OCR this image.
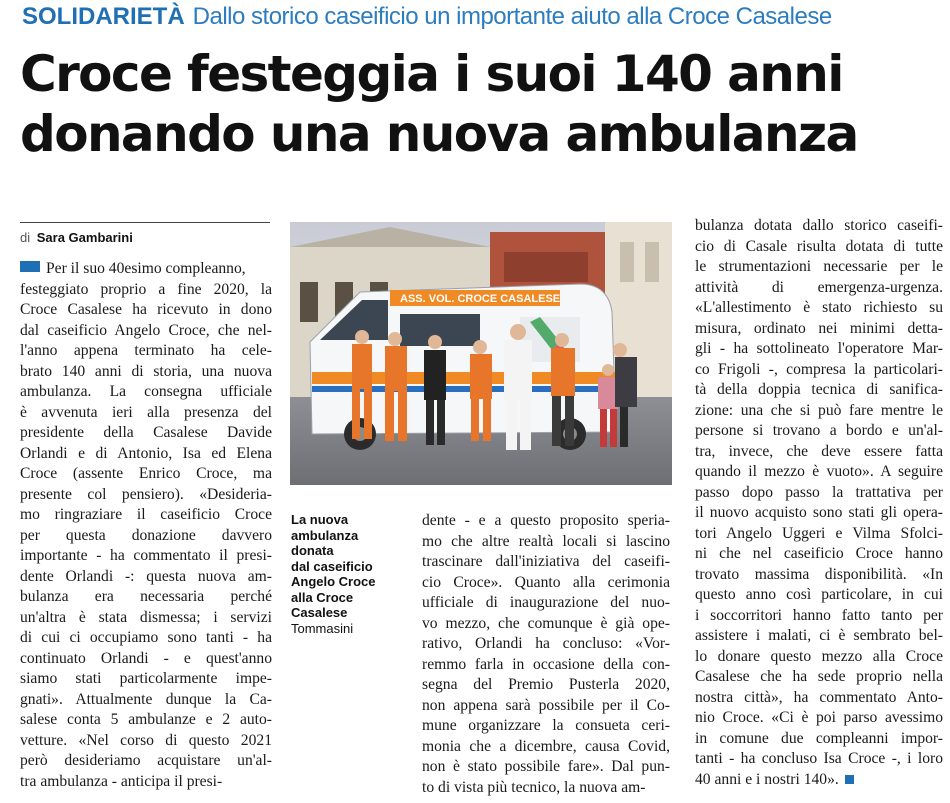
SOLIDARIETÀ Dallo storico caseificio un importante aiuto alla Croce Casalese
Croce festeggia i suoi 140 anni
donando una nuova ambulanza
di Sara Gambarini
Per il suo 40esimo compleanno,
festeggiato proprio a fine 2020, la
Croce Casalese ha ricevuto in dono
dal caseificio Angelo Croce, che nel-
l'anno appena terminato ha cele-
brato 140 anni di storia, una nuova
ambulanza. La consegna ufficiale
è avvenuta ieri alla presenza del
presidente della Casalese Davide
Orlandi e di Antonio, Isa ed Elena
Croce (assente Enrico Croce, ma
presente col pensiero). «Desideria-
mo ringraziare il caseificio Croce
per questa donazione davvero
importante - ha commentato il presi-
dente Orlandi -: questa nuova am-
bulanza era necessaria perché
un'altra è stata dismessa; i servizi
di cui ci occupiamo sono tanti - ha
continuato Orlandi - e quest'anno
siamo stati particolarmente impe-
gnati». Attualmente dunque la Ca-
salese conta 5 ambulanze e 2 auto-
vetture. «Nel corso di questo 2021
però desideriamo acquistare un'al-
tra ambulanza - anticipa il presi-
dente - e a questo proposito speria-
mo che altre realtà locali si lascino
trascinare dall'iniziativa del caseifi-
cio Croce». Quanto alla cerimonia
ufficiale di inaugurazione del nuo-
vo mezzo, che comunque è già ope-
rativo, Orlandi ha concluso: «Vor-
remmo farla in occasione della con-
segna del Premio Pusterla 2020,
non appena sarà possibile per il Co-
mune organizzare la consueta ceri-
monia che a dicembre, causa Covid,
non è stato possibile fare». Dal pun-
to di vista più tecnico, la nuova am-
bulanza dotata dallo storico caseifi-
cio di Casale risulta dotata di tutte
le strumentazioni necessarie per le
attività di emergenza-urgenza.
«L'allestimento è stato richiesto su
misura, ordinato nei minimi detta-
gli - ha sottolineato l'operatore Mar-
co Frigoli -, compresa la particolari-
tà della doppia tecnica di sanifica-
zione: una che si può fare mentre le
persone si trovano a bordo e un'al-
tra, invece, che deve essere fatta
quando il mezzo è vuoto». A seguire
passo dopo passo la trattativa per
il nuovo acquisto sono stati gli opera-
tori Angelo Uggeri e Vilma Sfolci-
ni che nel caseificio Croce hanno
trovato massima disponibilità. «In
questo anno così particolare, in cui
i soccorritori hanno fatto tanto per
assistere i malati, ci è sembrato bel-
lo donare questo mezzo alla Croce
Casalese che ha sede proprio nella
nostra città», ha commentato Anto-
nio Croce. «Ci è poi parso avessimo
in comune due compleanni impor-
tanti - ha concluso Isa Croce -, i loro
40 anni e i nostri 140».
ASS. VOL. CROCE CASALESE
La nuova
ambulanza
donata
dal caseificio
Angelo Croce
alla Croce
Casalese
Tommasini
